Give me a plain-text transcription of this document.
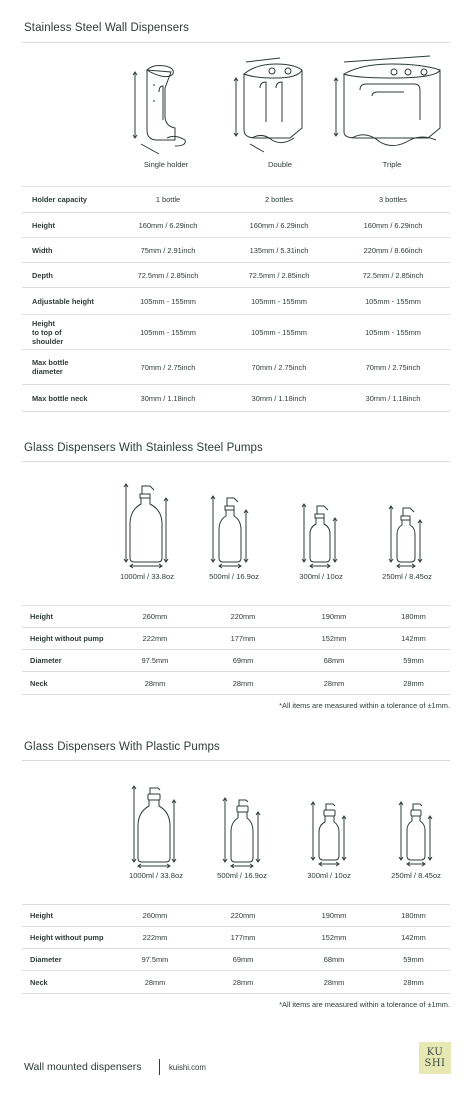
Stainless Steel Wall Dispensers
Single holder	Double	Triple
Holder capacity	1 bottle	2 bottles	3 bottles
Height	160mm / 6.29inch	160mm / 6.29inch	160mm / 6.29inch
Width	75mm / 2.91inch	135mm / 5.31inch	220mm / 8.66inch
Depth	72.5mm / 2.85inch	72.5mm / 2.85inch	72.5mm / 2.85inch
Adjustable height	105mm - 155mm	105mm - 155mm	105mm - 155mm
Height to top of shoulder	105mm - 155mm	105mm - 155mm	105mm - 155mm
Max bottle diameter	70mm / 2.75inch	70mm / 2.75inch	70mm / 2.75inch
Max bottle neck	30mm / 1.18inch	30mm / 1.18inch	30mm / 1.18inch
Glass Dispensers With Stainless Steel Pumps
1000ml / 33.8oz	500ml / 16.9oz	300ml / 10oz	250ml / 8.45oz
Height	260mm	220mm	190mm	180mm
Height without pump	222mm	177mm	152mm	142mm
Diameter	97.5mm	69mm	68mm	59mm
Neck	28mm	28mm	28mm	28mm
*All items are measured within a tolerance of ±1mm.
Glass Dispensers With Plastic Pumps
1000ml / 33.8oz	500ml / 16.9oz	300ml / 10oz	250ml / 8.45oz
Height	260mm	220mm	190mm	180mm
Height without pump	222mm	177mm	152mm	142mm
Diameter	97.5mm	69mm	68mm	59mm
Neck	28mm	28mm	28mm	28mm
*All items are measured within a tolerance of ±1mm.
Wall mounted dispensers	kuishi.com
KU
SHI
